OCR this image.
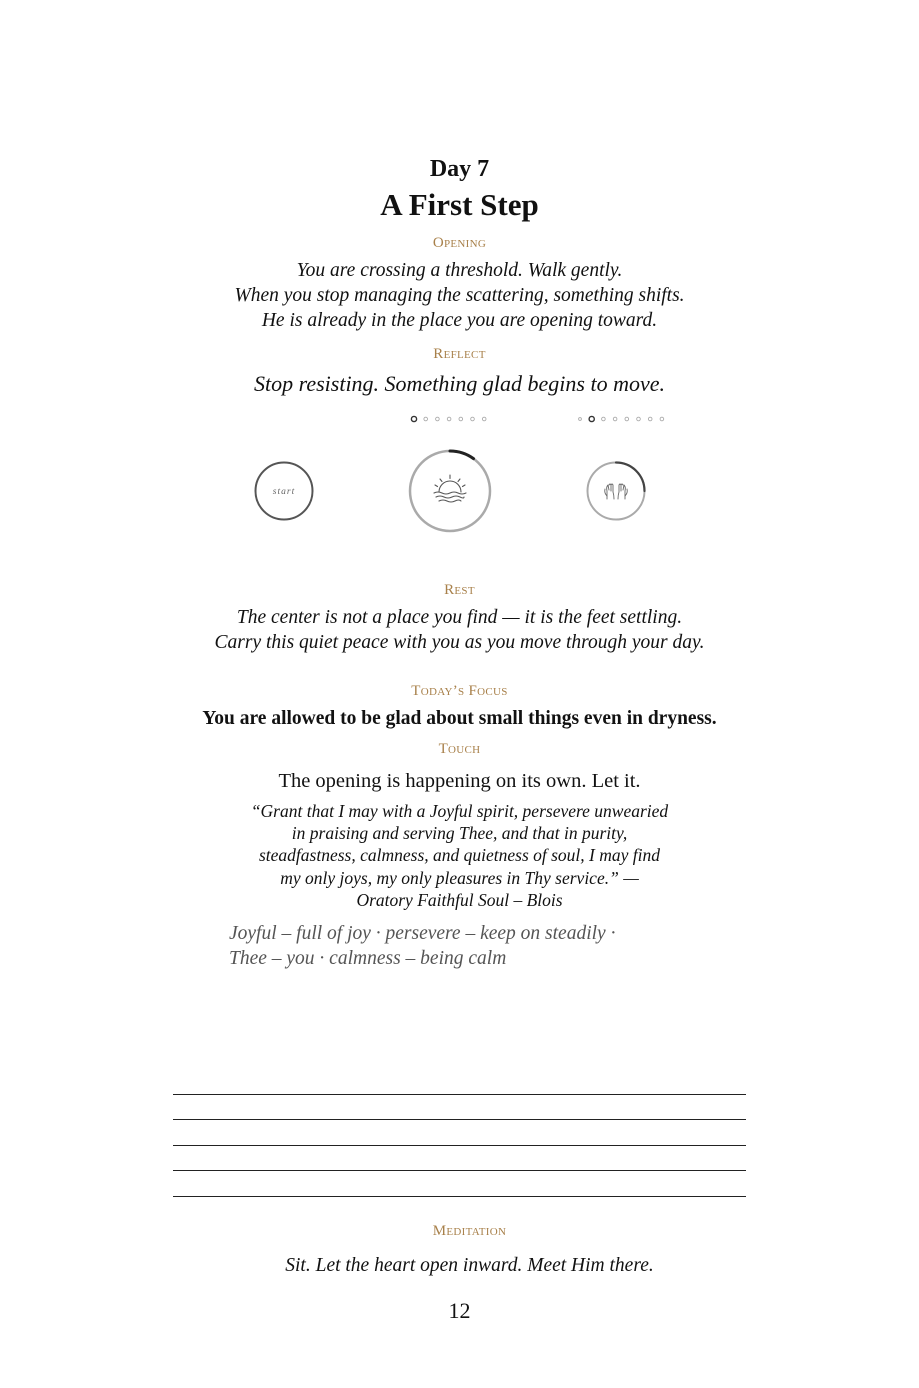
Day 7
A First Step
Opening
You are crossing a threshold. Walk gently.
When you stop managing the scattering, something shifts.
He is already in the place you are opening toward.
Reflect
Stop resisting. Something glad begins to move.
start
Rest
The center is not a place you find — it is the feet settling.
Carry this quiet peace with you as you move through your day.
Today’s Focus
You are allowed to be glad about small things even in dryness.
Touch
The opening is happening on its own. Let it.
“Grant that I may with a Joyful spirit, persevere unwearied
in praising and serving Thee, and that in purity,
steadfastness, calmness, and quietness of soul, I may find
my only joys, my only pleasures in Thy service.” —
Oratory Faithful Soul – Blois
Joyful – full of joy · persevere – keep on steadily ·
Thee – you · calmness – being calm
Meditation
Sit. Let the heart open inward. Meet Him there.
12
